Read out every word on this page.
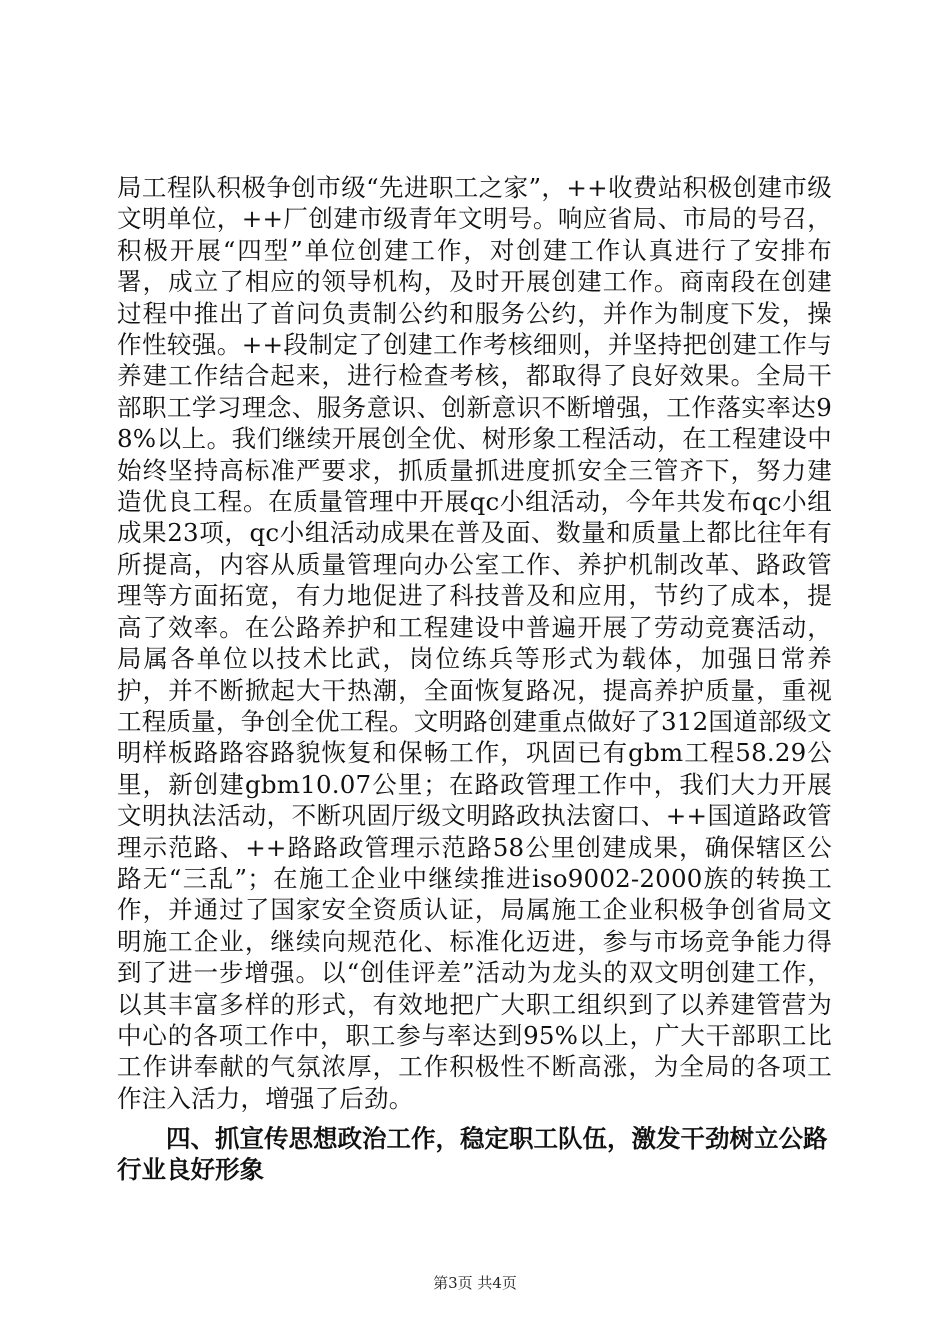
局工程队积极争创市级“先进职工之家”，++收费站积极创建市级文明单位，++厂创建市级青年文明号。响应省局、市局的号召，积极开展“四型”单位创建工作，对创建工作认真进行了安排布署，成立了相应的领导机构，及时开展创建工作。商南段在创建过程中推出了首问负责制公约和服务公约，并作为制度下发，操作性较强。++段制定了创建工作考核细则，并坚持把创建工作与养建工作结合起来，进行检查考核，都取得了良好效果。全局干部职工学习理念、服务意识、创新意识不断增强，工作落实率达98%以上。我们继续开展创全优、树形象工程活动，在工程建设中始终坚持高标准严要求，抓质量抓进度抓安全三管齐下，努力建造优良工程。在质量管理中开展qc小组活动，今年共发布qc小组成果23项，qc小组活动成果在普及面、数量和质量上都比往年有所提高，内容从质量管理向办公室工作、养护机制改革、路政管理等方面拓宽，有力地促进了科技普及和应用，节约了成本，提高了效率。在公路养护和工程建设中普遍开展了劳动竞赛活动，局属各单位以技术比武，岗位练兵等形式为载体，加强日常养护，并不断掀起大干热潮，全面恢复路况，提高养护质量，重视工程质量，争创全优工程。文明路创建重点做好了312国道部级文明样板路路容路貌恢复和保畅工作，巩固已有gbm工程58.29公里，新创建gbm10.07公里；在路政管理工作中，我们大力开展文明执法活动，不断巩固厅级文明路政执法窗口、++国道路政管理示范路、++路路政管理示范路58公里创建成果，确保辖区公路无“三乱”；在施工企业中继续推进iso9002-2000族的转换工作，并通过了国家安全资质认证，局属施工企业积极争创省局文明施工企业，继续向规范化、标准化迈进，参与市场竞争能力得到了进一步增强。以“创佳评差”活动为龙头的双文明创建工作，以其丰富多样的形式，有效地把广大职工组织到了以养建管营为中心的各项工作中，职工参与率达到95%以上，广大干部职工比工作讲奉献的气氛浓厚，工作积极性不断高涨，为全局的各项工作注入活力，增强了后劲。

四、抓宣传思想政治工作，稳定职工队伍，激发干劲树立公路行业良好形象

第3页 共4页
